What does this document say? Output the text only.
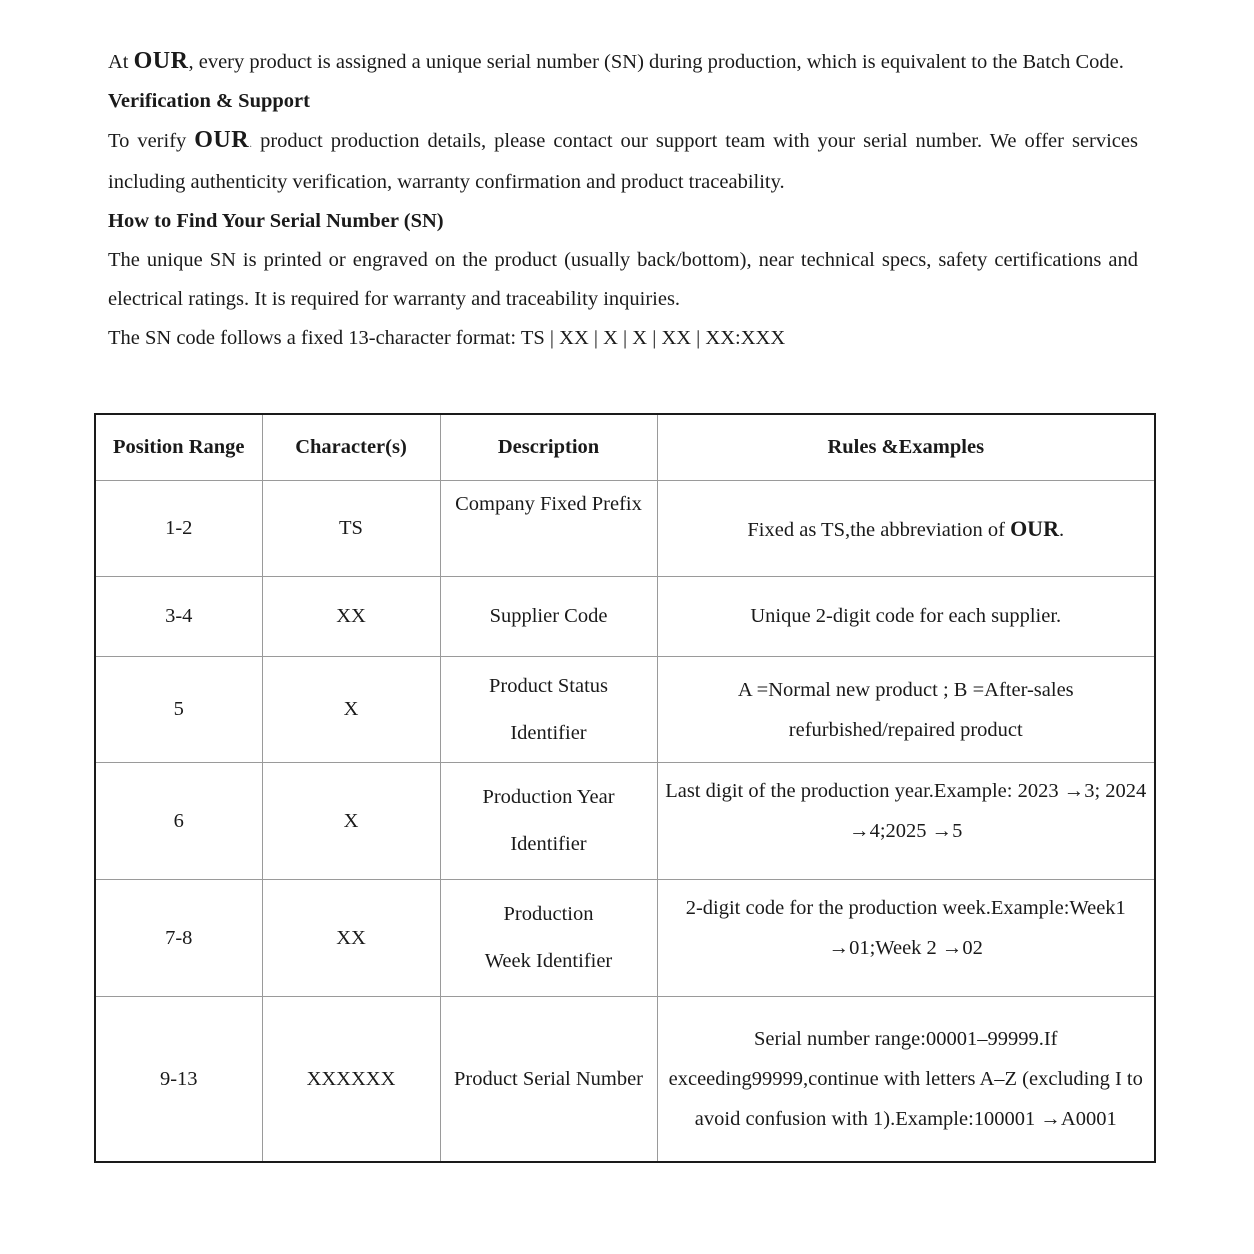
At OUR, every product is assigned a unique serial number (SN) during production, which is equivalent to the Batch Code.

Verification & Support

To verify OUR. product production details, please contact our support team with your serial number. We offer services including authenticity verification, warranty confirmation and product traceability.

How to Find Your Serial Number (SN)

The unique SN is printed or engraved on the product (usually back/bottom), near technical specs, safety certifications and electrical ratings. It is required for warranty and traceability inquiries.

The SN code follows a fixed 13-character format: TS | XX | X | X | XX | XX:XXX

Position Range	Character(s)	Description	Rules &Examples
1-2	TS	Company Fixed Prefix	Fixed as TS,the abbreviation of OUR.
3-4	XX	Supplier Code	Unique 2-digit code for each supplier.
5	X	Product Status Identifier	A =Normal new product ; B =After-sales refurbished/repaired product
6	X	Production Year Identifier	Last digit of the production year.Example: 2023 →3; 2024 →4;2025 →5
7-8	XX	Production Week Identifier	2-digit code for the production week.Example:Week1 →01;Week 2 →02
9-13	XXXXXX	Product Serial Number	Serial number range:00001–99999.If exceeding99999,continue with letters A–Z (excluding I to avoid confusion with 1).Example:100001 →A0001
